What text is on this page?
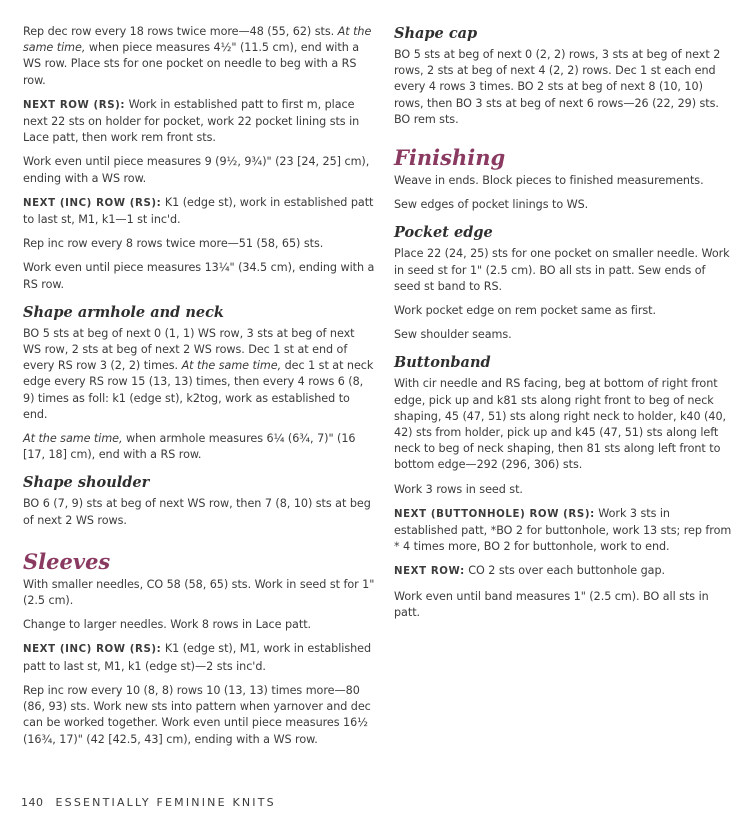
Rep dec row every 18 rows twice more—48 (55, 62) sts. At the same time, when piece measures 4½" (11.5 cm), end with a WS row. Place sts for one pocket on needle to beg with a RS row.

NEXT ROW (RS): Work in established patt to first m, place next 22 sts on holder for pocket, work 22 pocket lining sts in Lace patt, then work rem front sts.

Work even until piece measures 9 (9½, 9¾)" (23 [24, 25] cm), ending with a WS row.

NEXT (INC) ROW (RS): K1 (edge st), work in established patt to last st, M1, k1—1 st inc'd.

Rep inc row every 8 rows twice more—51 (58, 65) sts.

Work even until piece measures 13¼" (34.5 cm), ending with a RS row.

Shape armhole and neck

BO 5 sts at beg of next 0 (1, 1) WS row, 3 sts at beg of next WS row, 2 sts at beg of next 2 WS rows. Dec 1 st at end of every RS row 3 (2, 2) times. At the same time, dec 1 st at neck edge every RS row 15 (13, 13) times, then every 4 rows 6 (8, 9) times as foll: k1 (edge st), k2tog, work as established to end.

At the same time, when armhole measures 6¼ (6¾, 7)" (16 [17, 18] cm), end with a RS row.

Shape shoulder

BO 6 (7, 9) sts at beg of next WS row, then 7 (8, 10) sts at beg of next 2 WS rows.

Sleeves

With smaller needles, CO 58 (58, 65) sts. Work in seed st for 1" (2.5 cm).

Change to larger needles. Work 8 rows in Lace patt.

NEXT (INC) ROW (RS): K1 (edge st), M1, work in established patt to last st, M1, k1 (edge st)—2 sts inc'd.

Rep inc row every 10 (8, 8) rows 10 (13, 13) times more—80 (86, 93) sts. Work new sts into pattern when yarnover and dec can be worked together. Work even until piece measures 16½ (16¾, 17)" (42 [42.5, 43] cm), ending with a WS row.

Shape cap

BO 5 sts at beg of next 0 (2, 2) rows, 3 sts at beg of next 2 rows, 2 sts at beg of next 4 (2, 2) rows. Dec 1 st each end every 4 rows 3 times. BO 2 sts at beg of next 8 (10, 10) rows, then BO 3 sts at beg of next 6 rows—26 (22, 29) sts. BO rem sts.

Finishing

Weave in ends. Block pieces to finished measurements.

Sew edges of pocket linings to WS.

Pocket edge

Place 22 (24, 25) sts for one pocket on smaller needle. Work in seed st for 1" (2.5 cm). BO all sts in patt. Sew ends of seed st band to RS.

Work pocket edge on rem pocket same as first.

Sew shoulder seams.

Buttonband

With cir needle and RS facing, beg at bottom of right front edge, pick up and k81 sts along right front to beg of neck shaping, 45 (47, 51) sts along right neck to holder, k40 (40, 42) sts from holder, pick up and k45 (47, 51) sts along left neck to beg of neck shaping, then 81 sts along left front to bottom edge—292 (296, 306) sts.

Work 3 rows in seed st.

NEXT (BUTTONHOLE) ROW (RS): Work 3 sts in established patt, *BO 2 for buttonhole, work 13 sts; rep from * 4 times more, BO 2 for buttonhole, work to end.

NEXT ROW: CO 2 sts over each buttonhole gap.

Work even until band measures 1" (2.5 cm). BO all sts in patt.

140 ESSENTIALLY FEMININE KNITS
